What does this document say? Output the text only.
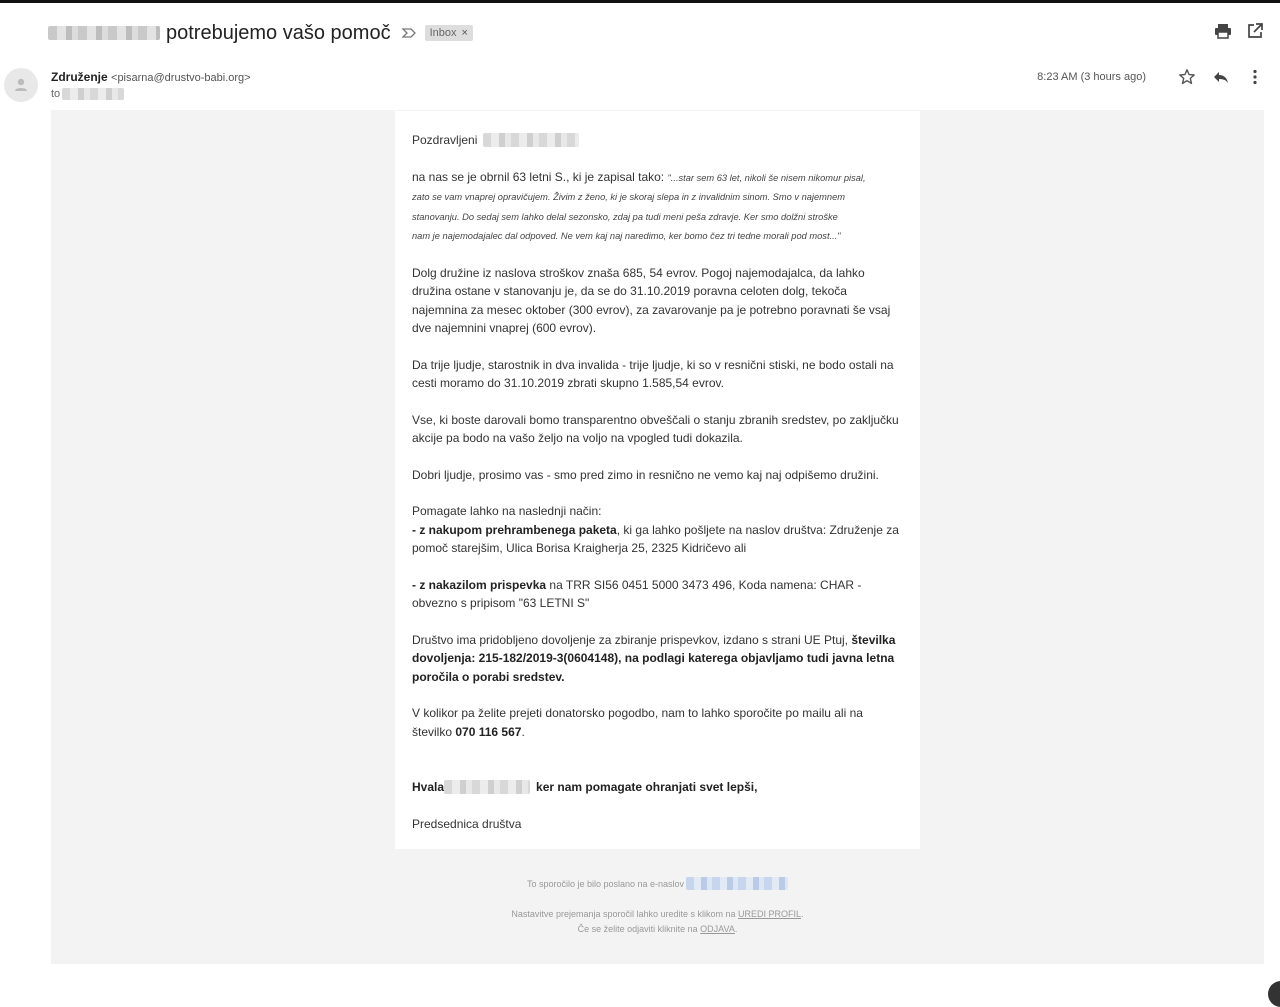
potrebujemo vašo pomoč	Inbox ×
Združenje <pisarna@drustvo-babi.org>
to
8:23 AM (3 hours ago)

Pozdravljeni

na nas se je obrnil 63 letni S., ki je zapisal tako: "...star sem 63 let, nikoli še nisem nikomur pisal,

zato se vam vnaprej opravičujem. Živim z ženo, ki je skoraj slepa in z invalidnim sinom. Smo v najemnem

stanovanju. Do sedaj sem lahko delal sezonsko, zdaj pa tudi meni peša zdravje. Ker smo dolžni stroške

nam je najemodajalec dal odpoved. Ne vem kaj naj naredimo, ker bomo čez tri tedne morali pod most..."

Dolg družine iz naslova stroškov znaša 685, 54 evrov. Pogoj najemodajalca, da lahko družina ostane v stanovanju je, da se do 31.10.2019 poravna celoten dolg, tekoča najemnina za mesec oktober (300 evrov), za zavarovanje pa je potrebno poravnati še vsaj dve najemnini vnaprej (600 evrov).

Da trije ljudje, starostnik in dva invalida - trije ljudje, ki so v resnični stiski, ne bodo ostali na cesti moramo do 31.10.2019 zbrati skupno 1.585,54 evrov.

Vse, ki boste darovali bomo transparentno obveščali o stanju zbranih sredstev, po zaključku akcije pa bodo na vašo željo na voljo na vpogled tudi dokazila.

Dobri ljudje, prosimo vas - smo pred zimo in resnično ne vemo kaj naj odpišemo družini.

Pomagate lahko na naslednji način:

- z nakupom prehrambenega paketa, ki ga lahko pošljete na naslov društva: Združenje za pomoč starejšim, Ulica Borisa Kraigherja 25, 2325 Kidričevo ali

- z nakazilom prispevka na TRR SI56 0451 5000 3473 496, Koda namena: CHAR - obvezno s pripisom "63 LETNI S"

Društvo ima pridobljeno dovoljenje za zbiranje prispevkov, izdano s strani UE Ptuj, številka dovoljenja: 215-182/2019-3(0604148), na podlagi katerega objavljamo tudi javna letna poročila o porabi sredstev.

V kolikor pa želite prejeti donatorsko pogodbo, nam to lahko sporočite po mailu ali na številko 070 116 567.

Hvala	ker nam pomagate ohranjati svet lepši,

Predsednica društva

To sporočilo je bilo poslano na e-naslov
Nastavitve prejemanja sporočil lahko uredite s klikom na UREDI PROFIL.
Če se želite odjaviti kliknite na ODJAVA.
